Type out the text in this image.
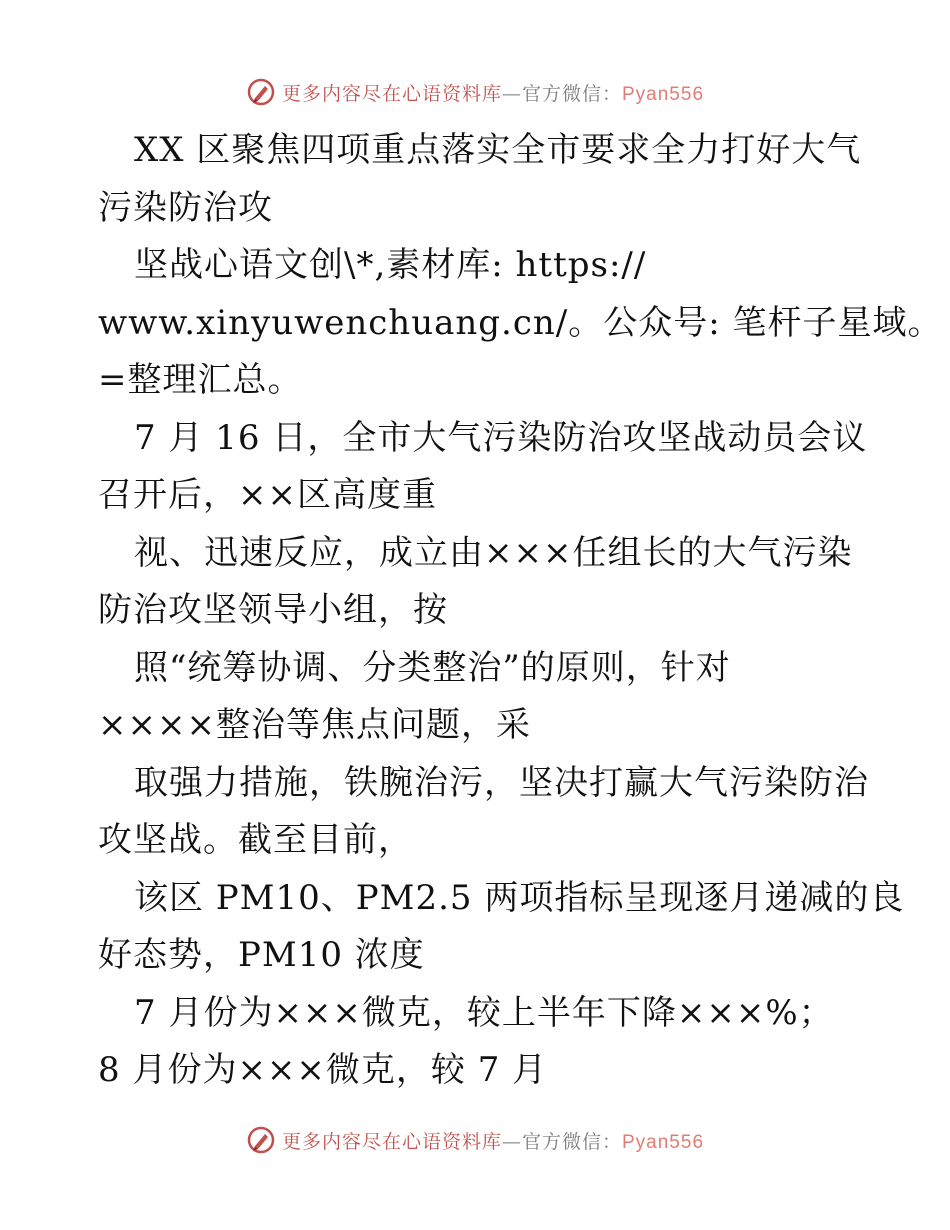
更多内容尽在心语资料库—官方微信：Pyan556
XX 区聚焦四项重点落实全市要求全力打好大气
污染防治攻
坚战心语文创\*,素材库: https://
www.xinyuwenchuang.cn/。公众号: 笔杆子星域。
=整理汇总。
7 月 16 日，全市大气污染防治攻坚战动员会议
召开后，××区高度重
视、迅速反应，成立由×××任组长的大气污染
防治攻坚领导小组，按
照“统筹协调、分类整治”的原则，针对
××××整治等焦点问题，采
取强力措施，铁腕治污，坚决打赢大气污染防治
攻坚战。截至目前，
该区 PM10、PM2.5 两项指标呈现逐月递减的良
好态势，PM10 浓度
7 月份为×××微克，较上半年下降×××%；
8 月份为×××微克，较 7 月
更多内容尽在心语资料库—官方微信：Pyan556
